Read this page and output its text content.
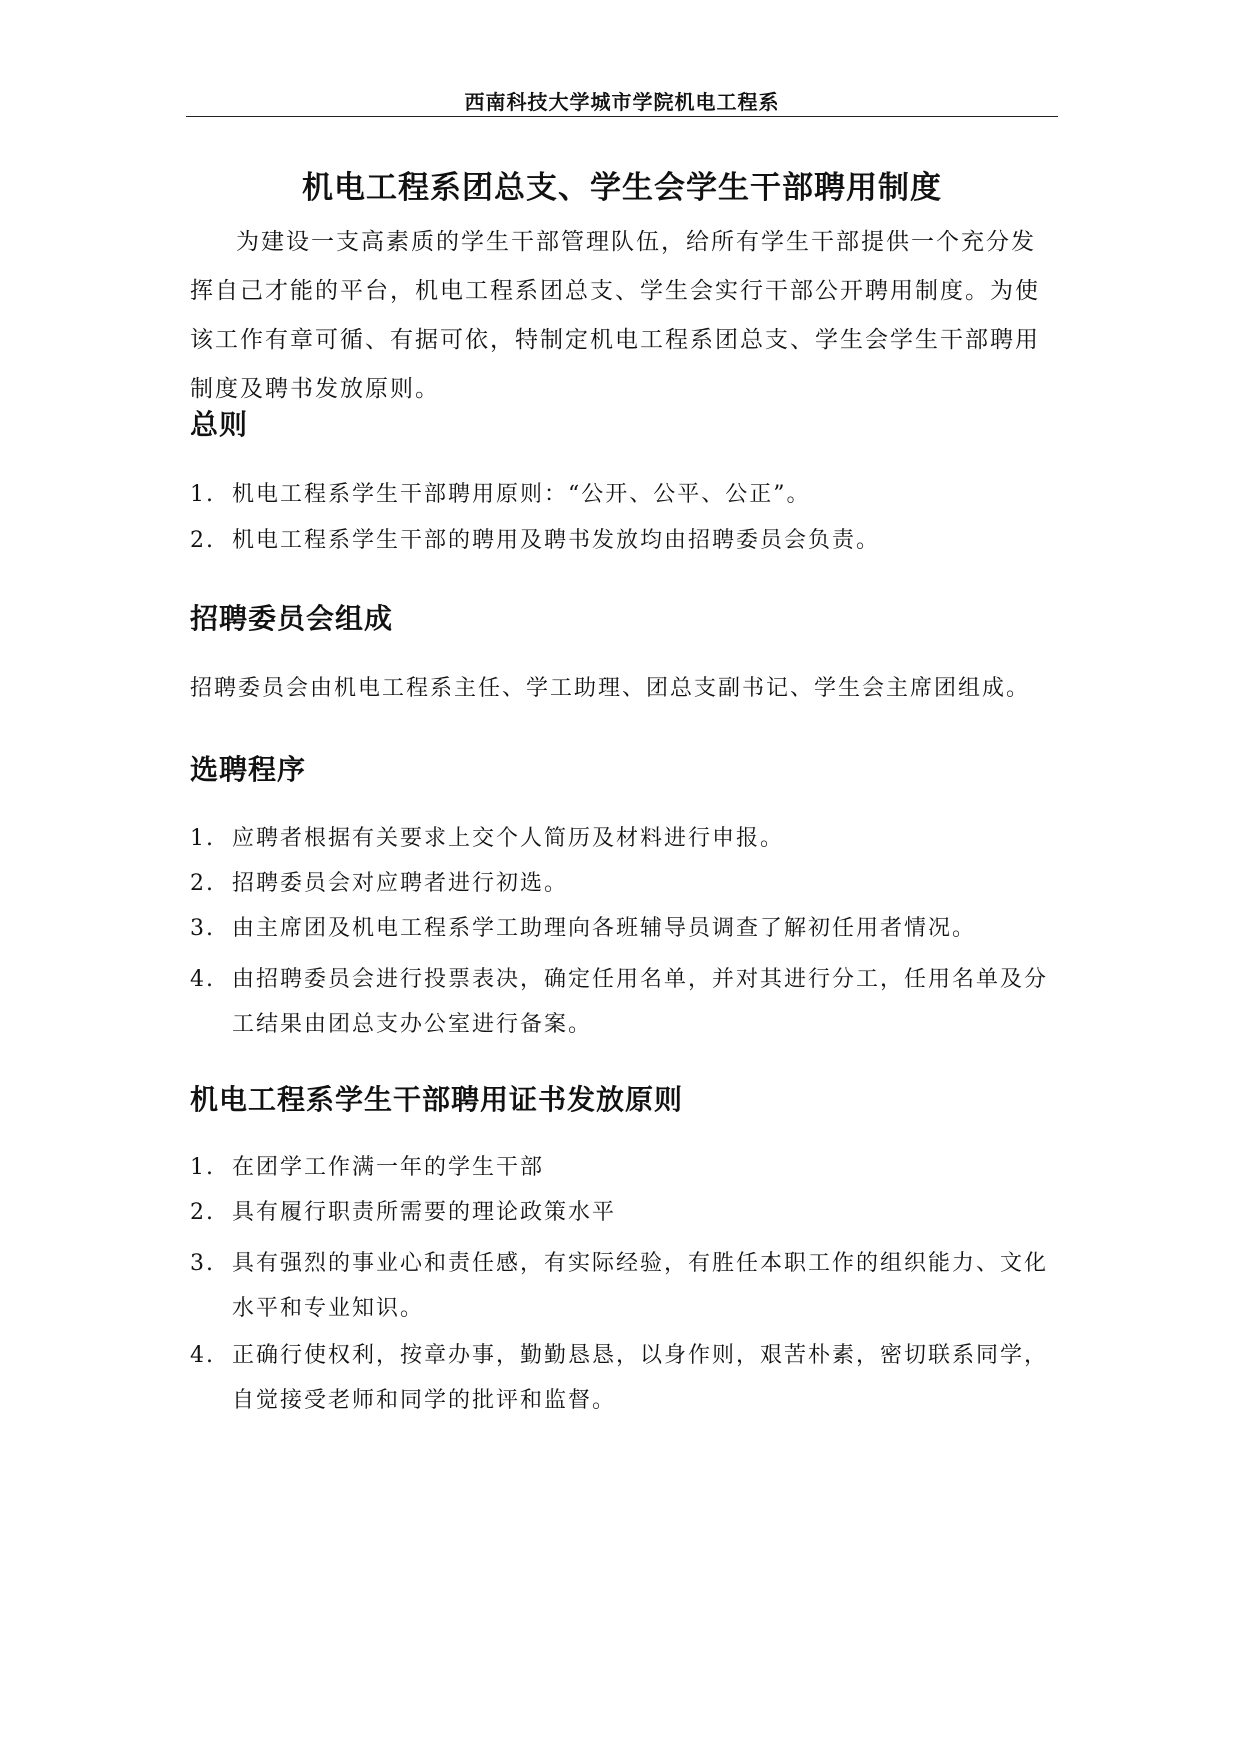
西南科技大学城市学院机电工程系
机电工程系团总支、学生会学生干部聘用制度

为建设一支高素质的学生干部管理队伍，给所有学生干部提供一个充分发挥自己才能的平台，机电工程系团总支、学生会实行干部公开聘用制度。为使该工作有章可循、有据可依，特制定机电工程系团总支、学生会学生干部聘用制度及聘书发放原则。

总则
1. 机电工程系学生干部聘用原则：“公开、公平、公正”。
2. 机电工程系学生干部的聘用及聘书发放均由招聘委员会负责。
招聘委员会组成

招聘委员会由机电工程系主任、学工助理、团总支副书记、学生会主席团组成。

选聘程序
1. 应聘者根据有关要求上交个人简历及材料进行申报。
2. 招聘委员会对应聘者进行初选。
3. 由主席团及机电工程系学工助理向各班辅导员调查了解初任用者情况。
4. 由招聘委员会进行投票表决，确定任用名单，并对其进行分工，任用名单及分工结果由团总支办公室进行备案。
机电工程系学生干部聘用证书发放原则
1. 在团学工作满一年的学生干部
2. 具有履行职责所需要的理论政策水平
3. 具有强烈的事业心和责任感，有实际经验，有胜任本职工作的组织能力、文化水平和专业知识。
4. 正确行使权利，按章办事，勤勤恳恳，以身作则，艰苦朴素，密切联系同学，自觉接受老师和同学的批评和监督。
